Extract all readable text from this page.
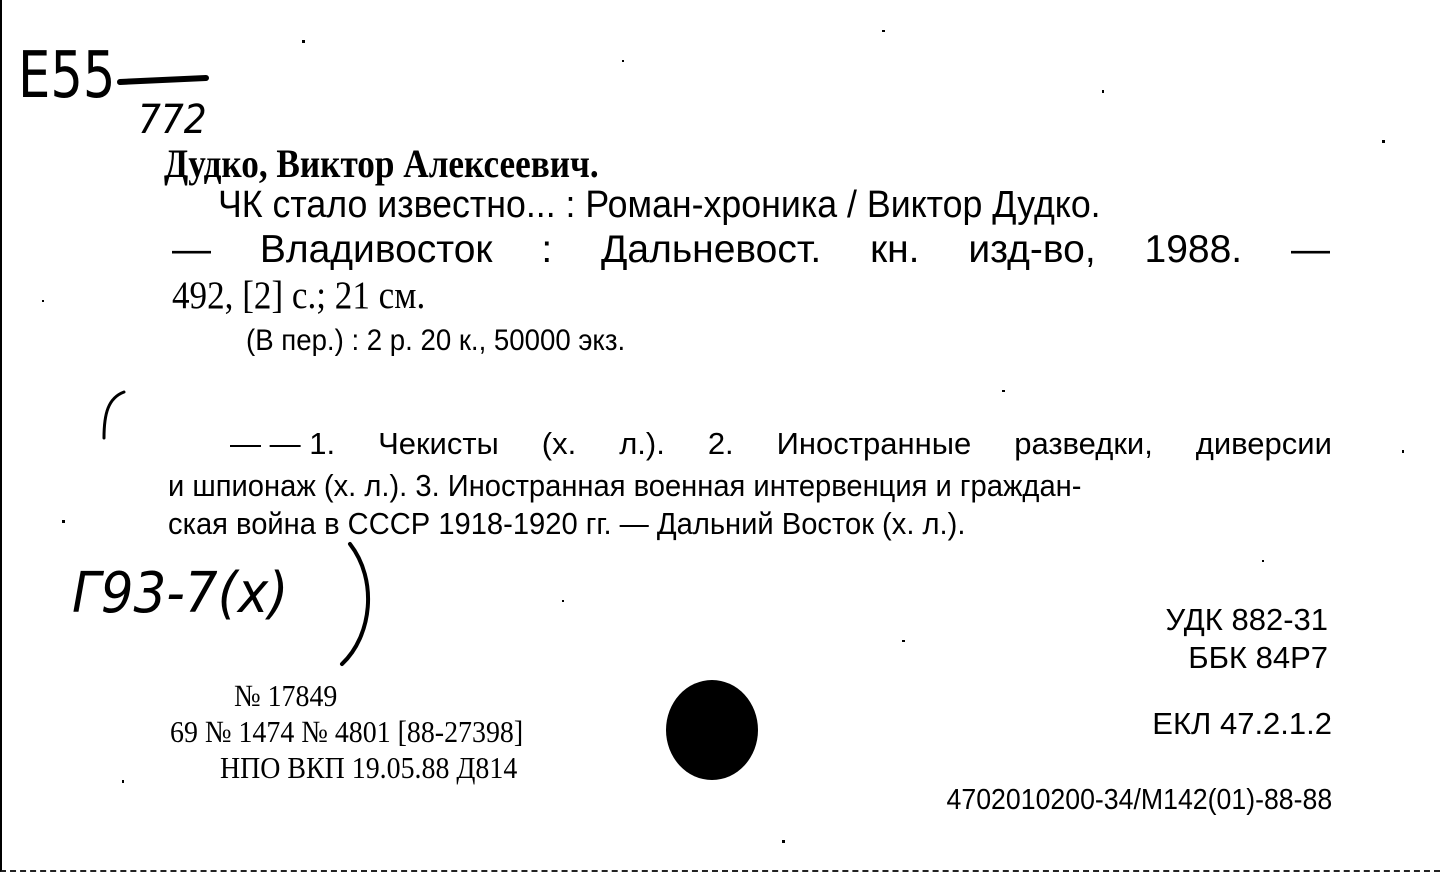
E55
772
Дудко, Виктор Алексеевич.
ЧК стало известно... : Роман-хроника / Виктор Дудко.
— Владивосток : Дальневост. кн. изд-во, 1988. —
492, [2] с.; 21 см.
(В пер.) : 2 р. 20 к., 50000 экз.
— — 1. Чекисты (х. л.). 2. Иностранные разведки, диверсии
и шпионаж (х. л.). 3. Иностранная военная интервенция и граждан-
ская война в СССР 1918-1920 гг. — Дальний Восток (х. л.).
Г93-7(x)	УДК 882-31
ББК 84Р7
№ 17849
69 № 1474 № 4801 [88-27398]
НПО ВКП 19.05.88 Д814
ЕКЛ 47.2.1.2
4702010200-34/М142(01)-88-88
